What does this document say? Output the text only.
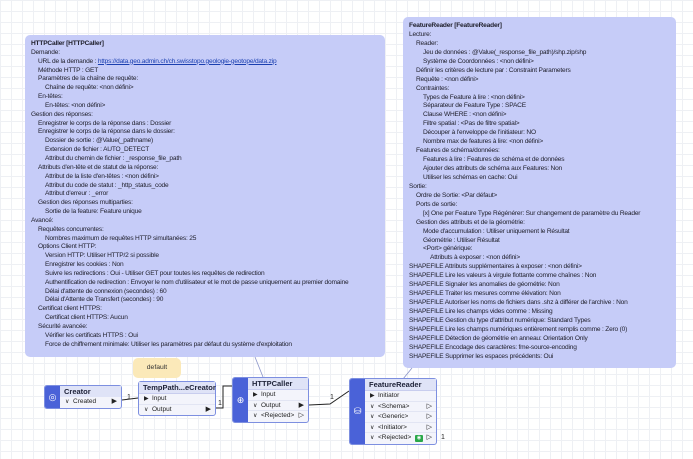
HTTPCaller [HTTPCaller]
Demande:
URL de la demande : https://data.geo.admin.ch/ch.swisstopo.geologie-geotope/data.zip
Méthode HTTP : GET
Paramètres de la chaîne de requête:
Chaîne de requête: <non défini>
En-têtes:
En-têtes: <non défini>
Gestion des réponses:
Enregistrer le corps de la réponse dans : Dossier
Enregistrer le corps de la réponse dans le dossier:
Dossier de sortie : @Value(_pathname)
Extension de fichier : AUTO_DETECT
Attribut du chemin de fichier : _response_file_path
Attributs d'en-tête et de statut de la réponse:
Attribut de la liste d'en-têtes : <non défini>
Attribut du code de statut : _http_status_code
Attribut d'erreur : _error
Gestion des réponses multiparties:
Sortie de la feature: Feature unique
Avancé:
Requêtes concurrentes:
Nombres maximum de requêtes HTTP simultanées: 25
Options Client HTTP:
Version HTTP: Utiliser HTTP/2 si possible
Enregistrer les cookies : Non
Suivre les redirections : Oui - Utiliser GET pour toutes les requêtes de redirection
Authentification de redirection : Envoyer le nom d'utilisateur et le mot de passe uniquement au premier domaine
Délai d'attente de connexion (secondes) : 60
Délai d'Attente de Transfert (secondes) : 90
Certificat client HTTPS:
Certificat client HTTPS: Aucun
Sécurité avancée:
Vérifier les certificats HTTPS : Oui
Force de chiffrement minimale: Utiliser les paramètres par défaut du système d'exploitation
FeatureReader [FeatureReader]
Lecture:
Reader:
Jeu de données : @Value(_response_file_path)/shp.zip/shp
Système de Coordonnées : <non défini>
Définir les critères de lecture par : Constraint Parameters
Requête : <non défini>
Contraintes:
Types de Feature à lire : <non défini>
Séparateur de Feature Type : SPACE
Clause WHERE : <non défini>
Filtre spatial : <Pas de filtre spatial>
Découper à l'enveloppe de l'initiateur: NO
Nombre max de features à lire: <non défini>
Features de schéma/données:
Features à lire : Features de schéma et de données
Ajouter des attributs de schéma aux Features: Non
Utiliser les schémas en cache: Oui
Sortie:
Ordre de Sortie: <Par défaut>
Ports de sortie:
[x] One per Feature Type Régénérer: Sur changement de paramètre du Reader
Gestion des attributs et de la géométrie:
Mode d'accumulation : Utiliser uniquement le Résultat
Géométrie : Utiliser Résultat
<Port> générique:
Attributs à exposer : <non défini>
SHAPEFILE Attributs supplémentaires à exposer : <non défini>
SHAPEFILE Lire les valeurs à virgule flottante comme chaînes : Non
SHAPEFILE Signaler les anomalies de géométrie: Non
SHAPEFILE Traiter les mesures comme élévation: Non
SHAPEFILE Autoriser les noms de fichiers dans .shz à différer de l'archive : Non
SHAPEFILE Lire les champs vides comme : Missing
SHAPEFILE Gestion du type d'attribut numérique: Standard Types
SHAPEFILE Lire les champs numériques entièrement remplis comme : Zero (0)
SHAPEFILE Détection de géométrie en anneau: Orientation Only
SHAPEFILE Encodage des caractères: fme-source-encoding
SHAPEFILE Supprimer les espaces précédents: Oui
default
◎	Creator
∨ Created ▶
TempPath...eCreator
▶ Input
∨ Output	▶
⊕
HTTPCaller
▶ Input
∨ Output	▶
∨ <Rejected> ▷	⛁
FeatureReader
▶ Initiator
∨ <Schema> ▷
∨ <Generic>	▷
∨ <Initiator>	▷
∨ <Rejected>	◉ ▷
1
1
1
1
